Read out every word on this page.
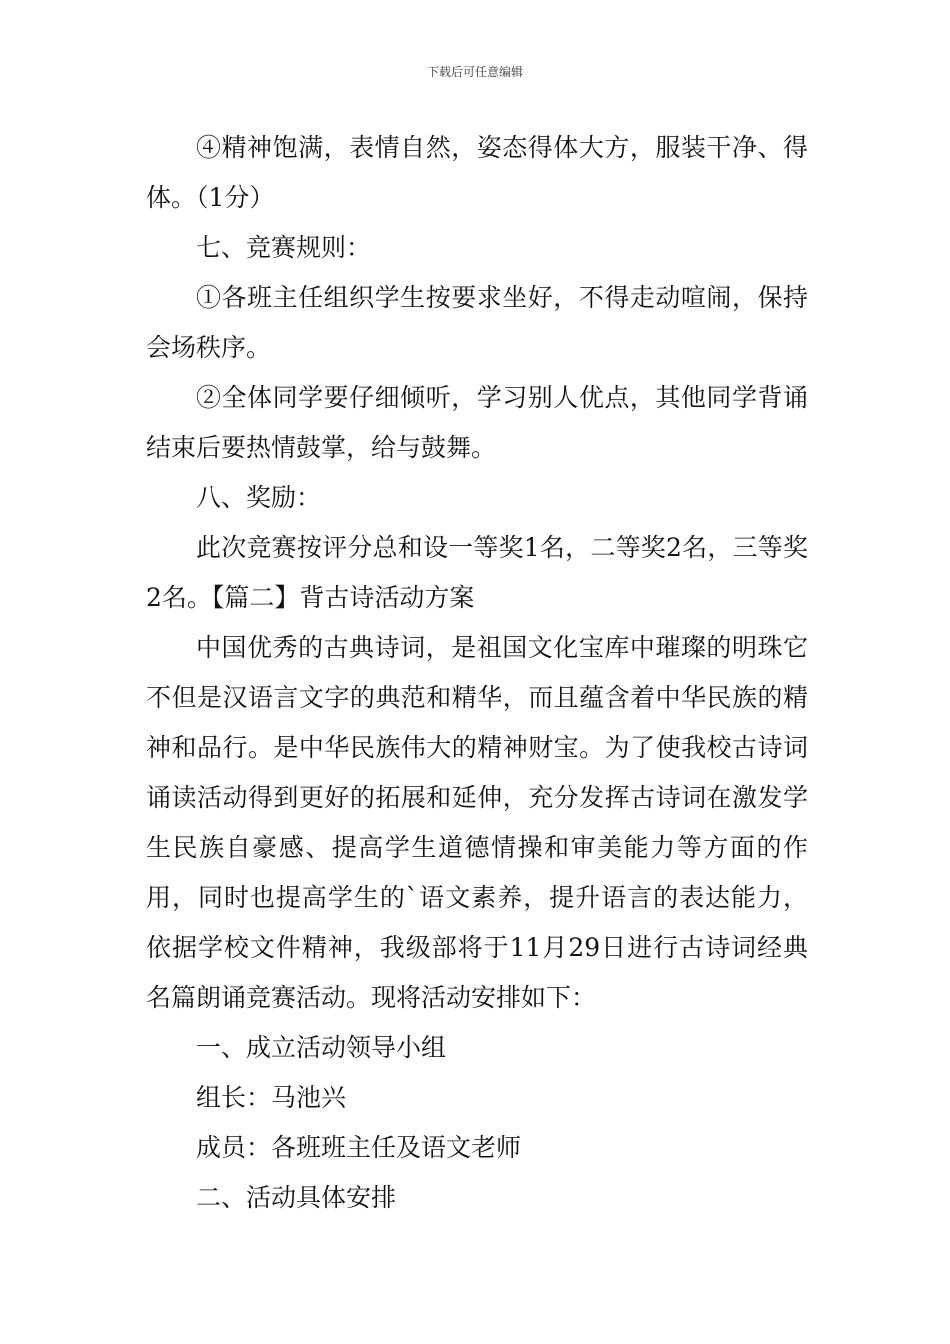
下载后可任意编辑

④精神饱满，表情自然，姿态得体大方，服装干净、得体。（1分）

七、竞赛规则：

①各班主任组织学生按要求坐好，不得走动喧闹，保持会场秩序。

②全体同学要仔细倾听，学习别人优点，其他同学背诵结束后要热情鼓掌，给与鼓舞。

八、奖励：

此次竞赛按评分总和设一等奖1名，二等奖2名，三等奖2名。【篇二】背古诗活动方案

中国优秀的古典诗词，是祖国文化宝库中璀璨的明珠它不但是汉语言文字的典范和精华，而且蕴含着中华民族的精神和品行。是中华民族伟大的精神财宝。为了使我校古诗词诵读活动得到更好的拓展和延伸，充分发挥古诗词在激发学生民族自豪感、提高学生道德情操和审美能力等方面的作用，同时也提高学生的`语文素养，提升语言的表达能力，依据学校文件精神，我级部将于11月29日进行古诗词经典名篇朗诵竞赛活动。现将活动安排如下：

一、成立活动领导小组

组长：马池兴

成员：各班班主任及语文老师

二、活动具体安排
